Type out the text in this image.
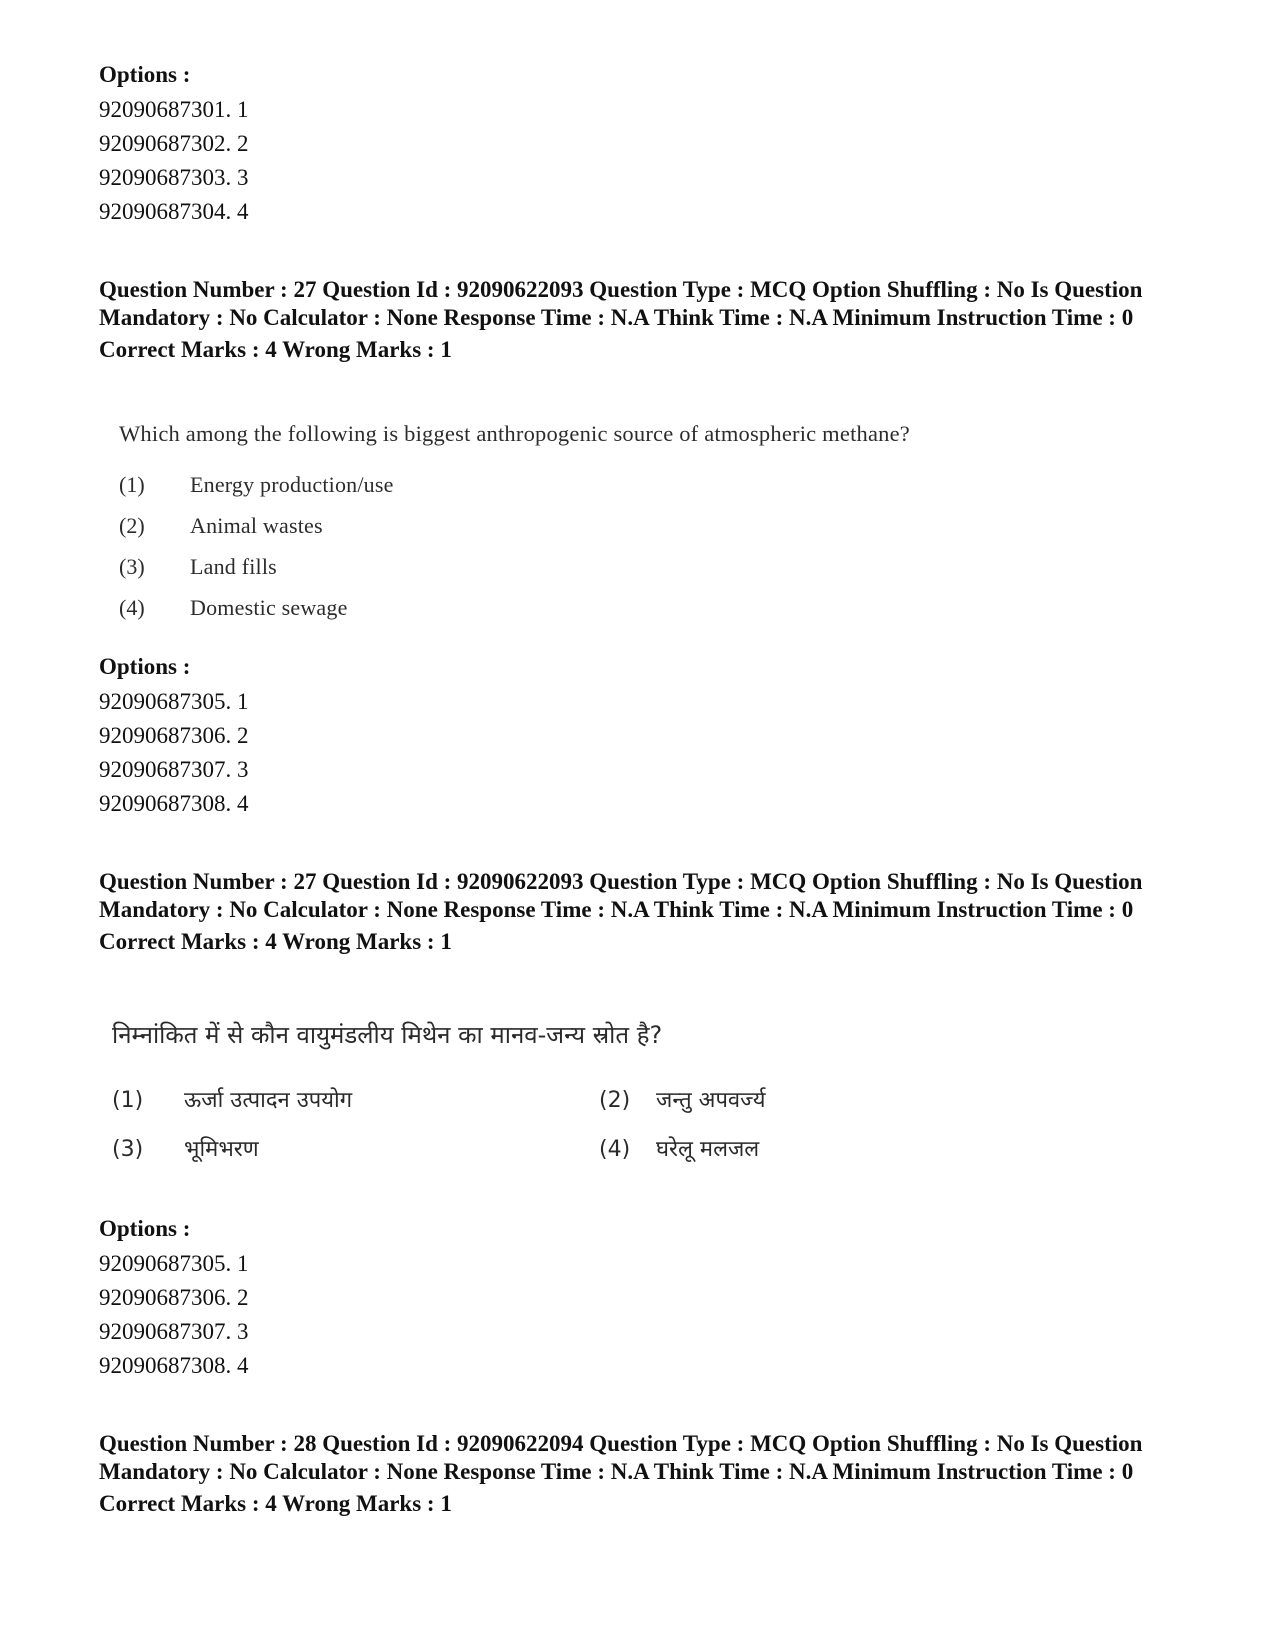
Options :

92090687301. 1

92090687302. 2

92090687303. 3

92090687304. 4

Question Number : 27 Question Id : 92090622093 Question Type : MCQ Option Shuffling : No Is Question Mandatory : No Calculator : None Response Time : N.A Think Time : N.A Minimum Instruction Time : 0

Correct Marks : 4 Wrong Marks : 1

Which among the following is biggest anthropogenic source of atmospheric methane?

(1) Energy production/use
(2) Animal wastes
(3) Land fills
(4) Domestic sewage

Options :

92090687305. 1

92090687306. 2

92090687307. 3

92090687308. 4

Question Number : 27 Question Id : 92090622093 Question Type : MCQ Option Shuffling : No Is Question Mandatory : No Calculator : None Response Time : N.A Think Time : N.A Minimum Instruction Time : 0

Correct Marks : 4 Wrong Marks : 1

निम्नांकित में से कौन वायुमंडलीय मिथेन का मानव-जन्य स्रोत है?

(1) ऊर्जा उत्पादन उपयोग	(2) जन्तु अपवर्ज्य
(3) भूमिभरण	(4) घरेलू मलजल

Options :

92090687305. 1

92090687306. 2

92090687307. 3

92090687308. 4

Question Number : 28 Question Id : 92090622094 Question Type : MCQ Option Shuffling : No Is Question Mandatory : No Calculator : None Response Time : N.A Think Time : N.A Minimum Instruction Time : 0

Correct Marks : 4 Wrong Marks : 1
